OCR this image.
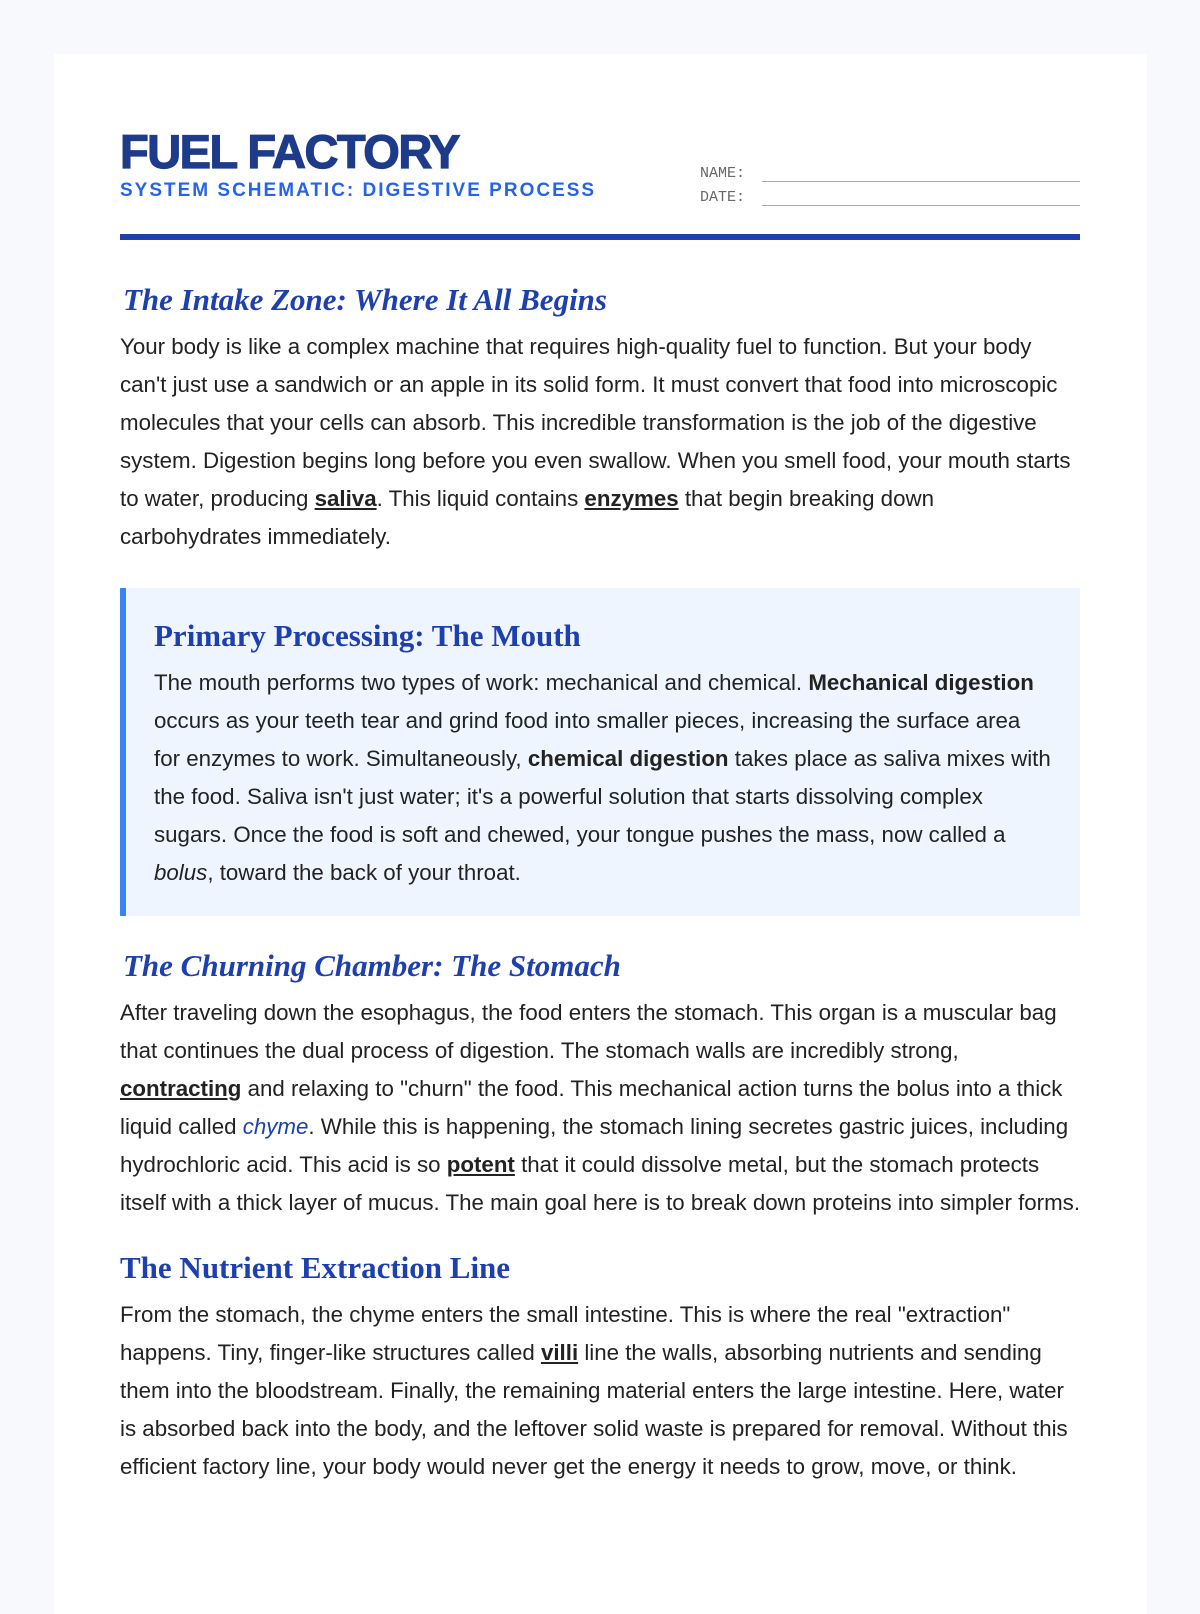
FUEL FACTORY
SYSTEM SCHEMATIC: DIGESTIVE PROCESS
NAME:
DATE:
The Intake Zone: Where It All Begins

Your body is like a complex machine that requires high-quality fuel to function. But your body can't just use a sandwich or an apple in its solid form. It must convert that food into microscopic molecules that your cells can absorb. This incredible transformation is the job of the digestive system. Digestion begins long before you even swallow. When you smell food, your mouth starts to water, producing saliva. This liquid contains enzymes that begin breaking down carbohydrates immediately.

Primary Processing: The Mouth

The mouth performs two types of work: mechanical and chemical. Mechanical digestion occurs as your teeth tear and grind food into smaller pieces, increasing the surface area for enzymes to work. Simultaneously, chemical digestion takes place as saliva mixes with the food. Saliva isn't just water; it's a powerful solution that starts dissolving complex sugars. Once the food is soft and chewed, your tongue pushes the mass, now called a bolus, toward the back of your throat.

The Churning Chamber: The Stomach

After traveling down the esophagus, the food enters the stomach. This organ is a muscular bag that continues the dual process of digestion. The stomach walls are incredibly strong, contracting and relaxing to "churn" the food. This mechanical action turns the bolus into a thick liquid called chyme. While this is happening, the stomach lining secretes gastric juices, including hydrochloric acid. This acid is so potent that it could dissolve metal, but the stomach protects itself with a thick layer of mucus. The main goal here is to break down proteins into simpler forms.

The Nutrient Extraction Line

From the stomach, the chyme enters the small intestine. This is where the real "extraction" happens. Tiny, finger-like structures called villi line the walls, absorbing nutrients and sending them into the bloodstream. Finally, the remaining material enters the large intestine. Here, water is absorbed back into the body, and the leftover solid waste is prepared for removal. Without this efficient factory line, your body would never get the energy it needs to grow, move, or think.
